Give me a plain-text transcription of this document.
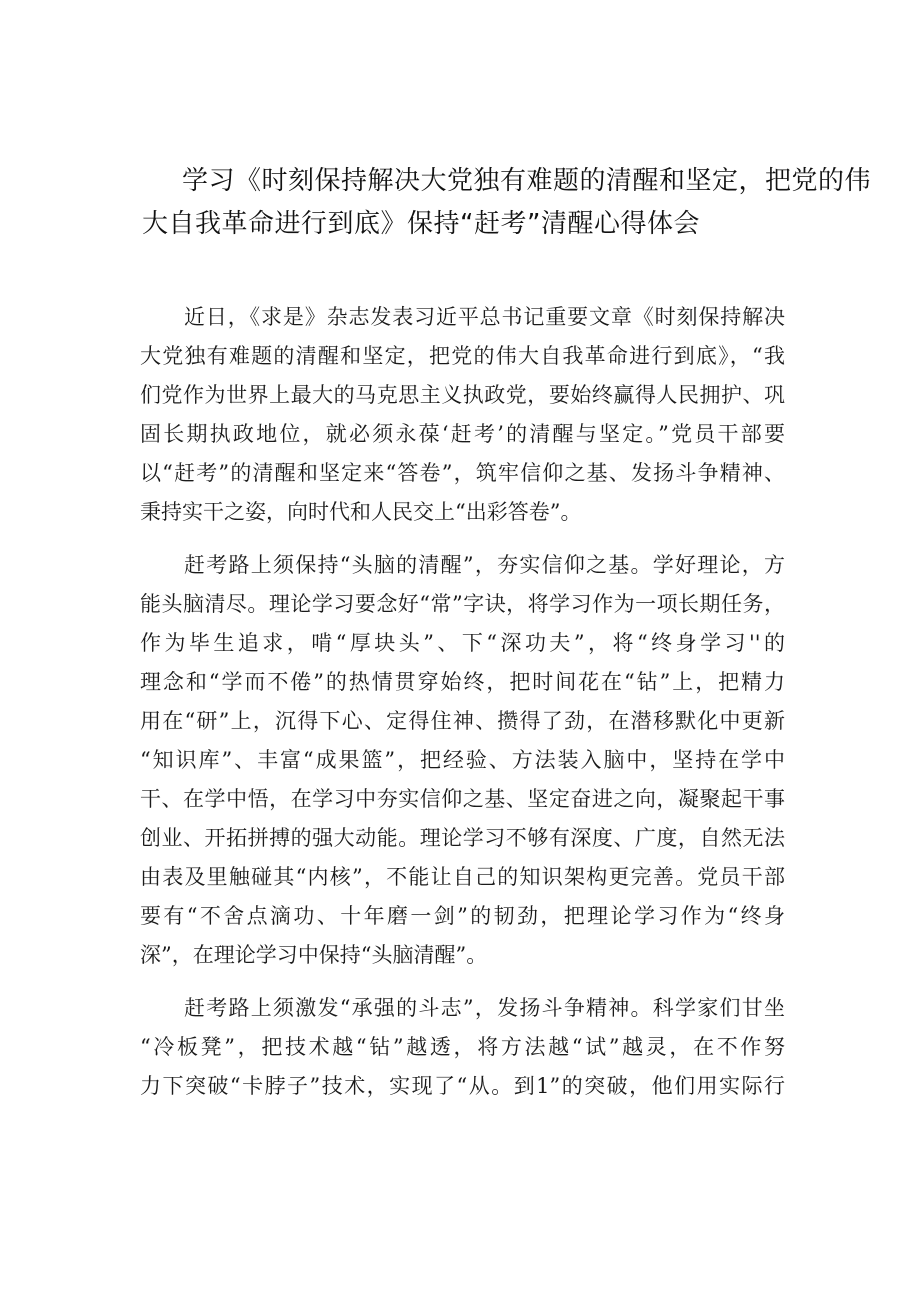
学习《时刻保持解决大党独有难题的清醒和坚定，把党的伟
大自我革命进行到底》保持“赶考”清醒心得体会
近日，《求是》杂志发表习近平总书记重要文章《时刻保持解决
大党独有难题的清醒和坚定，把党的伟大自我革命进行到底》，“我
们党作为世界上最大的马克思主义执政党，要始终赢得人民拥护、巩
固长期执政地位，就必须永葆‘赶考’的清醒与坚定。”党员干部要
以“赶考”的清醒和坚定来“答卷”，筑牢信仰之基、发扬斗争精神、
秉持实干之姿，向时代和人民交上“出彩答卷”。
赶考路上须保持“头脑的清醒”，夯实信仰之基。学好理论，方
能头脑清尽。理论学习要念好“常”字诀，将学习作为一项长期任务，
作为毕生追求，啃“厚块头”、下“深功夫”，将“终身学习''的
理念和“学而不倦”的热情贯穿始终，把时间花在“钻”上，把精力
用在“研”上，沉得下心、定得住神、攒得了劲，在潜移默化中更新
“知识库”、丰富“成果篮”，把经验、方法装入脑中，坚持在学中
干、在学中悟，在学习中夯实信仰之基、坚定奋进之向，凝聚起干事
创业、开拓拼搏的强大动能。理论学习不够有深度、广度，自然无法
由表及里触碰其“内核”，不能让自己的知识架构更完善。党员干部
要有“不舍点滴功、十年磨一剑”的韧劲，把理论学习作为“终身
深”，在理论学习中保持“头脑清醒”。
赶考路上须激发“承强的斗志”，发扬斗争精神。科学家们甘坐
“冷板凳”，把技术越“钻”越透，将方法越“试”越灵，在不作努
力下突破“卡脖子”技术，实现了“从。到1”的突破，他们用实际行
